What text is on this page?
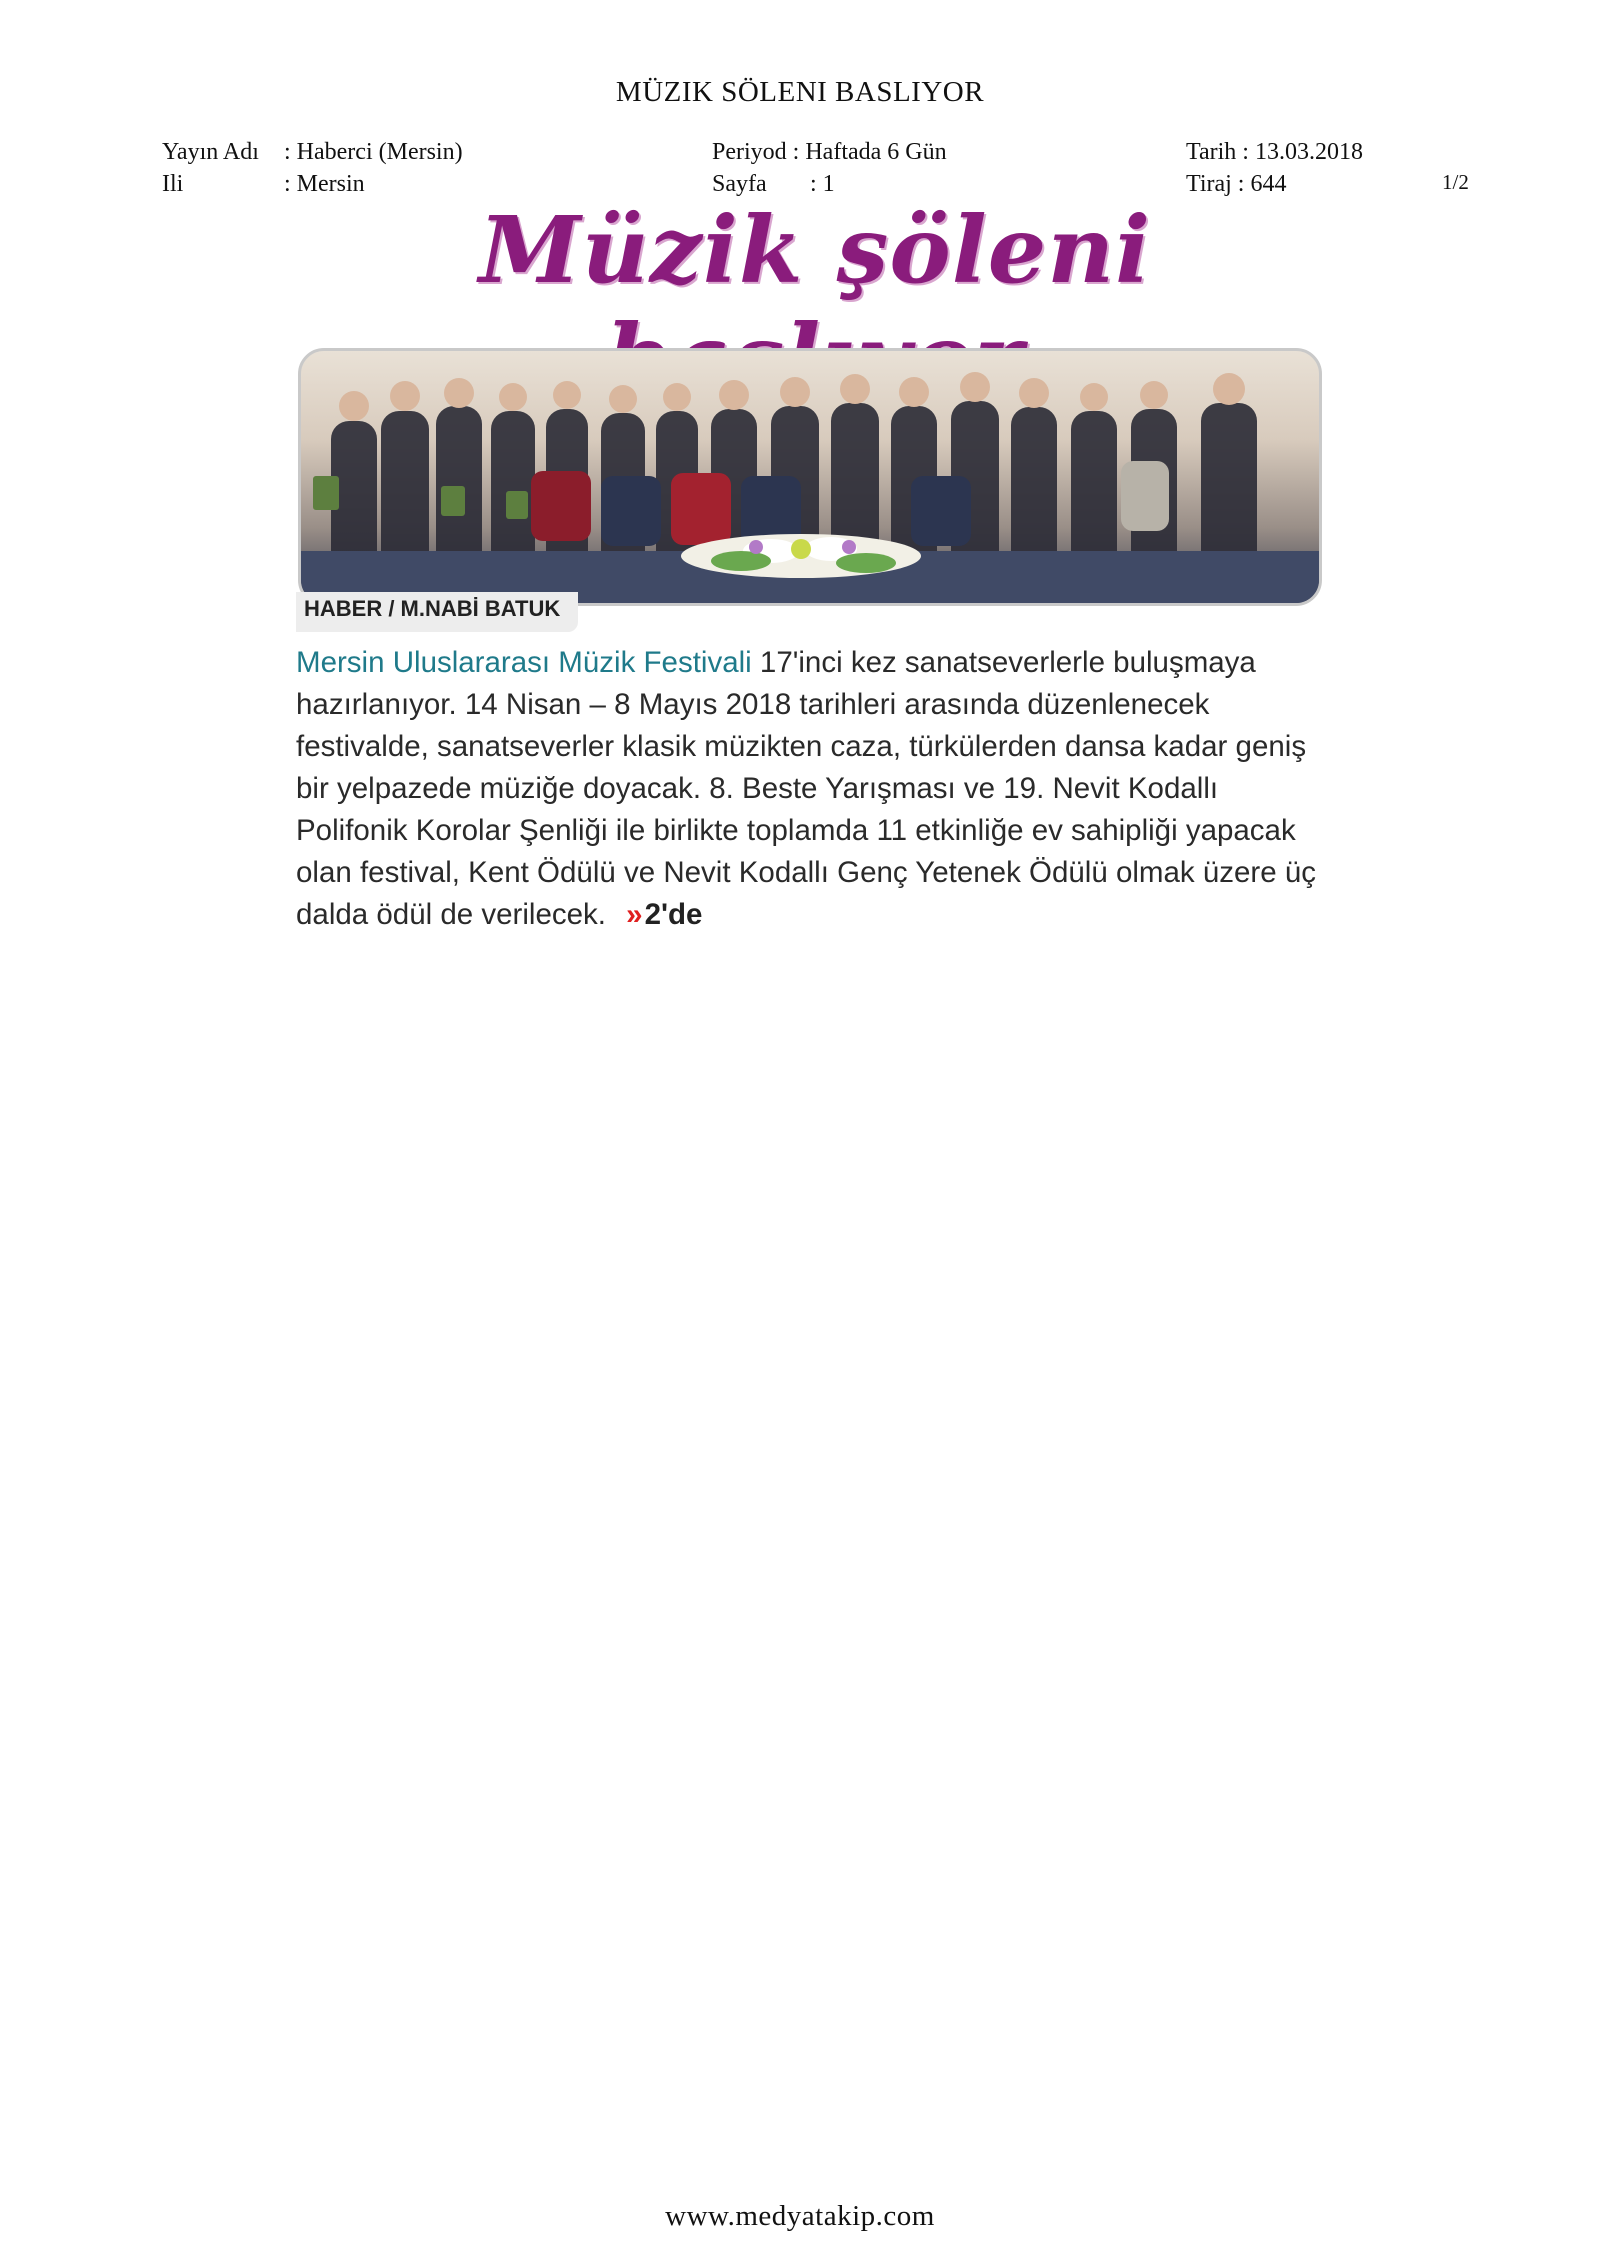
MÜZIK SÖLENI BASLIYOR
Yayın Adı : Haberci (Mersin)
Ili	: Mersin
Periyod : Haftada 6 Gün
Sayfa : 1
Tarih : 13.03.2018
Tiraj : 644	1/2
Müzik şöleni
HABER / M.NABİ BATUK
Mersin Uluslararası Müzik Festivali 17'inci kez sanatseverlerle buluşmaya hazırlanıyor. 14 Nisan – 8 Mayıs 2018 tarihleri arasında düzenlenecek festivalde, sanatseverler klasik müzikten caza, türkülerden dansa kadar geniş bir yelpazede müziğe doyacak. 8. Beste Yarışması ve 19. Nevit Kodallı Polifonik Korolar Şenliği ile birlikte toplamda 11 etkinliğe ev sahipliği yapacak olan festival, Kent Ödülü ve Nevit Kodallı Genç Yetenek Ödülü olmak üzere üç dalda ödül de verilecek. » 2'de
www.medyatakip.com
